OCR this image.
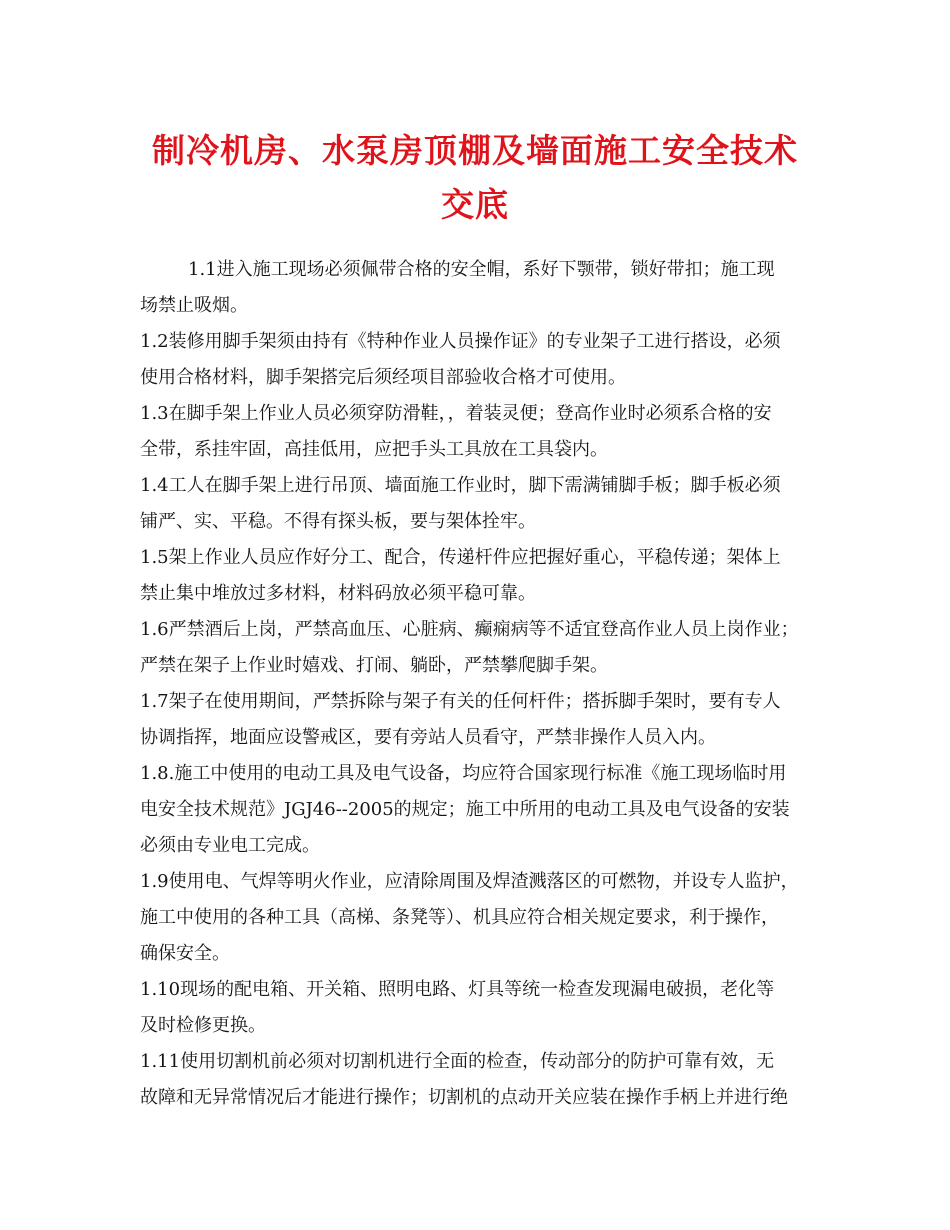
制冷机房、水泵房顶棚及墙面施工安全技术
交底

1.1进入施工现场必须佩带合格的安全帽，系好下颚带，锁好带扣；施工现
场禁止吸烟。

1.2装修用脚手架须由持有《特种作业人员操作证》的专业架子工进行搭设，必须
使用合格材料，脚手架搭完后须经项目部验收合格才可使用。

1.3在脚手架上作业人员必须穿防滑鞋，，着装灵便；登高作业时必须系合格的安
全带，系挂牢固，高挂低用，应把手头工具放在工具袋内。

1.4工人在脚手架上进行吊顶、墙面施工作业时，脚下需满铺脚手板；脚手板必须
铺严、实、平稳。不得有探头板，要与架体拴牢。

1.5架上作业人员应作好分工、配合，传递杆件应把握好重心，平稳传递；架体上
禁止集中堆放过多材料，材料码放必须平稳可靠。

1.6严禁酒后上岗，严禁高血压、心脏病、癫痫病等不适宜登高作业人员上岗作业；
严禁在架子上作业时嬉戏、打闹、躺卧，严禁攀爬脚手架。

1.7架子在使用期间，严禁拆除与架子有关的任何杆件；搭拆脚手架时，要有专人
协调指挥，地面应设警戒区，要有旁站人员看守，严禁非操作人员入内。

1.8.施工中使用的电动工具及电气设备，均应符合国家现行标准《施工现场临时用
电安全技术规范》JGJ46--2005的规定；施工中所用的电动工具及电气设备的安装
必须由专业电工完成。

1.9使用电、气焊等明火作业，应清除周围及焊渣溅落区的可燃物，并设专人监护，
施工中使用的各种工具（高梯、条凳等）、机具应符合相关规定要求，利于操作，
确保安全。

1.10现场的配电箱、开关箱、照明电路、灯具等统一检查发现漏电破损，老化等
及时检修更换。

1.11使用切割机前必须对切割机进行全面的检查，传动部分的防护可靠有效，无
故障和无异常情况后才能进行操作；切割机的点动开关应装在操作手柄上并进行绝
